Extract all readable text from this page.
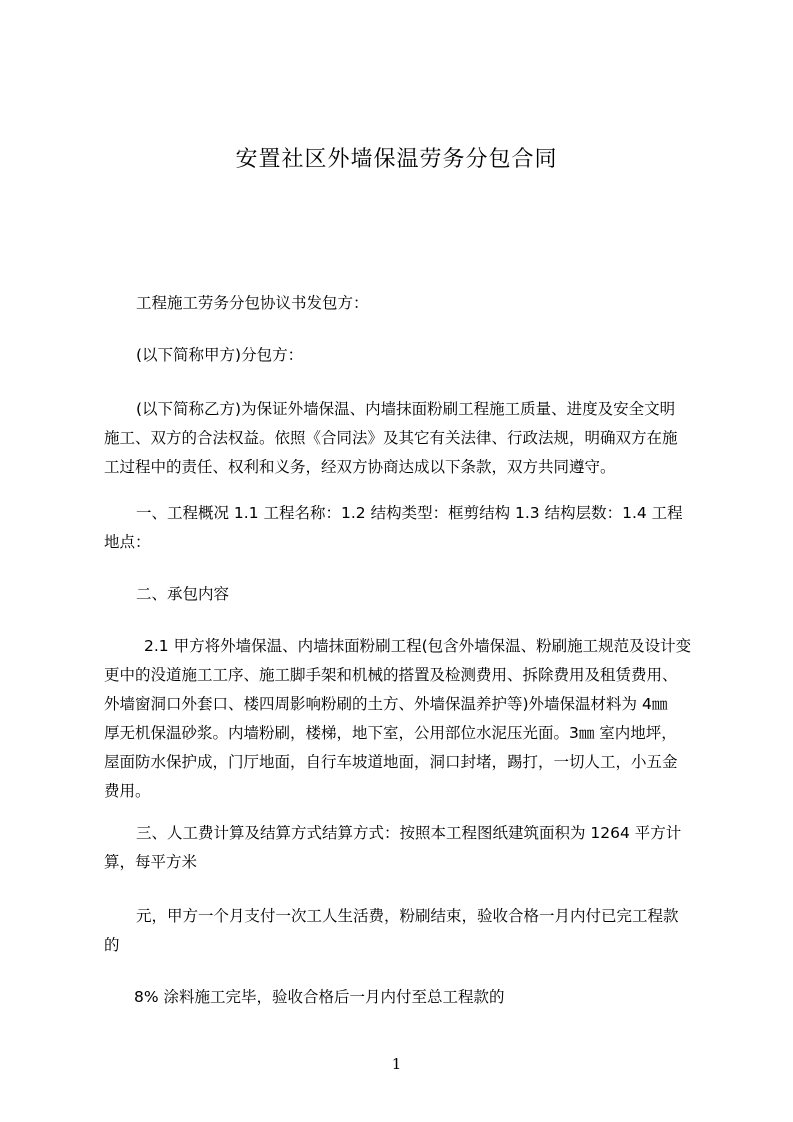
安置社区外墙保温劳务分包合同

工程施工劳务分包协议书发包方：

(以下简称甲方)分包方：

(以下简称乙方)为保证外墙保温、内墙抹面粉刷工程施工质量、进度及安全文明
施工、双方的合法权益。依照《合同法》及其它有关法律、行政法规，明确双方在施
工过程中的责任、权利和义务，经双方协商达成以下条款，双方共同遵守。

一、工程概况 1.1 工程名称：1.2 结构类型：框剪结构 1.3 结构层数：1.4 工程
地点：

二、承包内容

2.1 甲方将外墙保温、内墙抹面粉刷工程(包含外墙保温、粉刷施工规范及设计变
更中的没道施工工序、施工脚手架和机械的搭置及检测费用、拆除费用及租赁费用、
外墙窗洞口外套口、楼四周影响粉刷的土方、外墙保温养护等)外墙保温材料为 4㎜
厚无机保温砂浆。内墙粉刷，楼梯，地下室，公用部位水泥压光面。3㎜ 室内地坪，
屋面防水保护成，门厅地面，自行车坡道地面，洞口封堵，踢打，一切人工，小五金
费用。

三、人工费计算及结算方式结算方式：按照本工程图纸建筑面积为 1264 平方计
算，每平方米

元，甲方一个月支付一次工人生活费，粉刷结束，验收合格一月内付已完工程款
的

8% 涂料施工完毕，验收合格后一月内付至总工程款的

1
